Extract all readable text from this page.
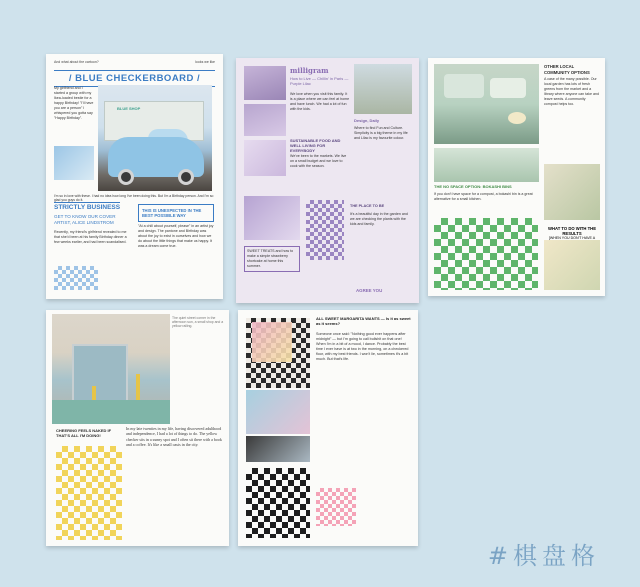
And what about the cartoon?	looks we like
/ BLUE CHECKERBOARD /
My girlfriend and I started a group with my Ikea-loaded bestie for a happy Birthday! "I'll have you are a person" I whispered you gotta say "Happy Birthday".
BLUE SHOP
I'm so in love with these. I had no idea how long I've been doing this. But I'm a Birthday person. And I'm so glad you guys do it.
STRICTLY BUSINESS
GET TO KNOW OUR COVER ARTIST, ALICE LINDSTROM
Recently, my friend's girlfriend revealed to me that she'd been at his family Birthday dinner a few weeks earlier, and had been scandalised.
THIS IS UNEXPECTED IN THE BEST POSSIBLE WAY
"At a chill about yourself, please" in an artist joy and design. The pantone and Birthday was about the joy to exist in ourselves and how we do about the little things that make us happy. It was a dream come true.
milligram
How to Live — Chillin' in Paris — Purple Lilac
We love when you visit this family. It is a place where we can feel at home and have lunch. We had a lot of fun with the kids.
Design, Daily
Where to find Fun and Culture. Simplicity is a big theme in my life and Lilac is my favourite colour.
SUSTAINABLE FOOD AND WELL LIVING FOR EVERYBODY
We've been to the markets. We live on a small budget and we love to cook with the season.
THE PLACE TO BE
It's a beautiful day in the garden and we are checking the plants with the kids and family.
SWEET TREATS and how to make a simple strawberry shortcake at home this summer.
AGREE YOU
OTHER LOCAL COMMUNITY OPTIONS
A case of the many possible. Our local garden has lots of fresh greens from the market and a library where anyone can take and leave seeds. A community compost helps too.
THE NO SPACE OPTION: BOKASHI BINS
If you don't have space for a compost, a bokashi bin is a great alternative for a small kitchen.
WHAT TO DO WITH THE RESULTS
[WHEN YOU DON'T HAVE A
The quiet street corner in the afternoon sun, a small shop and a yellow railing.
CHEERING FEELS NAKED IF THAT'S ALL I'M DOING!
In my late twenties in my life, having discovered adulthood and independence, I had a lot of things to do. The yellow checker sits in a sunny spot and I often sit there with a book and a coffee. It's like a small oasis in the city.
ALL SWEET MARGARITA WANTS — Is it as sweet as it seems?
Someone once said: "Nothing good ever happens after midnight" — but I'm going to call bullshit on that one! When I'm in a bit of a mood, I dance. Probably the best time I ever have is at two in the morning, on a checkered floor, with my best friends. I won't lie, sometimes it's a bit much. But that's life.
#棋盘格
